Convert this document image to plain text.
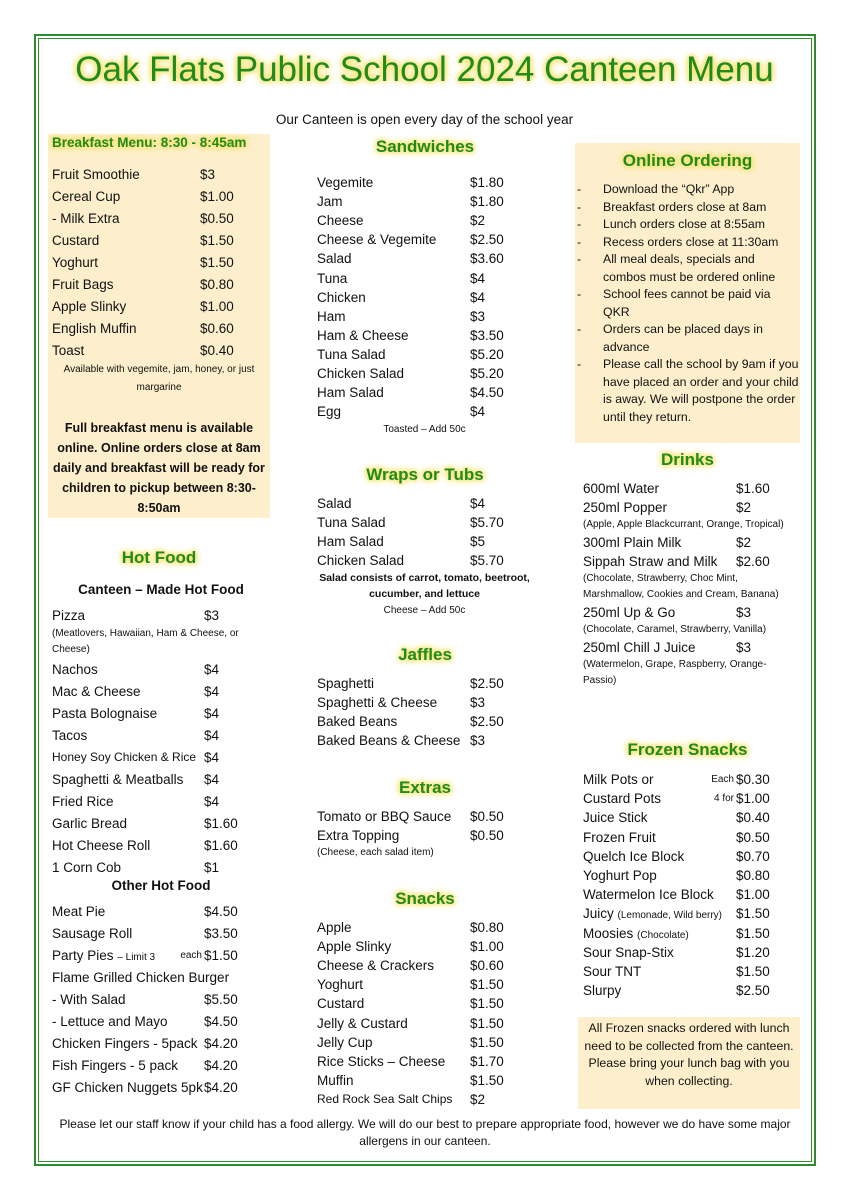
Oak Flats Public School 2024 Canteen Menu
Our Canteen is open every day of the school year
Breakfast Menu: 8:30 - 8:45am
Fruit Smoothie	$3
Cereal Cup	$1.00
- Milk Extra	$0.50
Custard	$1.50
Yoghurt	$1.50
Fruit Bags	$0.80
Apple Slinky	$1.00
English Muffin	$0.60
Toast	$0.40
Available with vegemite, jam, honey, or just margarine
Full breakfast menu is available online. Online orders close at 8am daily and breakfast will be ready for children to pickup between 8:30-8:50am
Hot Food
Canteen – Made Hot Food
Pizza	$3
(Meatlovers, Hawaiian, Ham & Cheese, or Cheese)
Nachos	$4
Mac & Cheese	$4
Pasta Bolognaise	$4
Tacos	$4
Honey Soy Chicken & Rice $4
Spaghetti & Meatballs $4
Fried Rice	$4
Garlic Bread	$1.60
Hot Cheese Roll	$1.60
1 Corn Cob	$1
Other Hot Food
Meat Pie	$4.50
Sausage Roll	$3.50
Party Pies – Limit 3	each $1.50
Flame Grilled Chicken Burger
- With Salad	$5.50
- Lettuce and Mayo	$4.50
Chicken Fingers - 5pack $4.20
Fish Fingers - 5 pack $4.20
GF Chicken Nuggets 5pk $4.20
Sandwiches
Vegemite	$1.80
Jam	$1.80
Cheese	$2
Cheese & Vegemite $2.50
Salad	$3.60
Tuna	$4
Chicken	$4
Ham	$3
Ham & Cheese	$3.50
Tuna Salad	$5.20
Chicken Salad	$5.20
Ham Salad	$4.50
Egg	$4
Toasted – Add 50c
Wraps or Tubs
Salad	$4
Tuna Salad	$5.70
Ham Salad	$5
Chicken Salad	$5.70
Salad consists of carrot, tomato, beetroot, cucumber, and lettuce
Cheese – Add 50c
Jaffles
Spaghetti	$2.50
Spaghetti & Cheese $3
Baked Beans	$2.50
Baked Beans & Cheese $3
Extras
Tomato or BBQ Sauce $0.50
Extra Topping	$0.50
(Cheese, each salad item)
Snacks
Apple	$0.80
Apple Slinky	$1.00
Cheese & Crackers	$0.60
Yoghurt	$1.50
Custard	$1.50
Jelly & Custard	$1.50
Jelly Cup	$1.50
Rice Sticks – Cheese $1.70
Muffin	$1.50
Red Rock Sea Salt Chips $2
Online Ordering
-	Download the “Qkr” App
-	Breakfast orders close at 8am
-	Lunch orders close at 8:55am
-	Recess orders close at 11:30am
-	All meal deals, specials and combos must be ordered online
-	School fees cannot be paid via QKR
-	Orders can be placed days in advance
-	Please call the school by 9am if you have placed an order and your child is away. We will postpone the order until they return.
Drinks
600ml Water	$1.60
250ml Popper	$2
(Apple, Apple Blackcurrant, Orange, Tropical)
300ml Plain Milk	$2
Sippah Straw and Milk $2.60
(Chocolate, Strawberry, Choc Mint, Marshmallow, Cookies and Cream, Banana)
250ml Up & Go	$3
(Chocolate, Caramel, Strawberry, Vanilla)
250ml Chill J Juice	$3
(Watermelon, Grape, Raspberry, Orange-Passio)
Frozen Snacks
Milk Pots or	Each $0.30
Custard Pots	4 for $1.00
Juice Stick	$0.40
Frozen Fruit	$0.50
Quelch Ice Block	$0.70
Yoghurt Pop	$0.80
Watermelon Ice Block $1.00
Juicy (Lemonade, Wild berry) $1.50
Moosies (Chocolate)	$1.50
Sour Snap-Stix	$1.20
Sour TNT	$1.50
Slurpy	$2.50
All Frozen snacks ordered with lunch need to be collected from the canteen. Please bring your lunch bag with you when collecting.
Please let our staff know if your child has a food allergy. We will do our best to prepare appropriate food, however we do have some major allergens in our canteen.
